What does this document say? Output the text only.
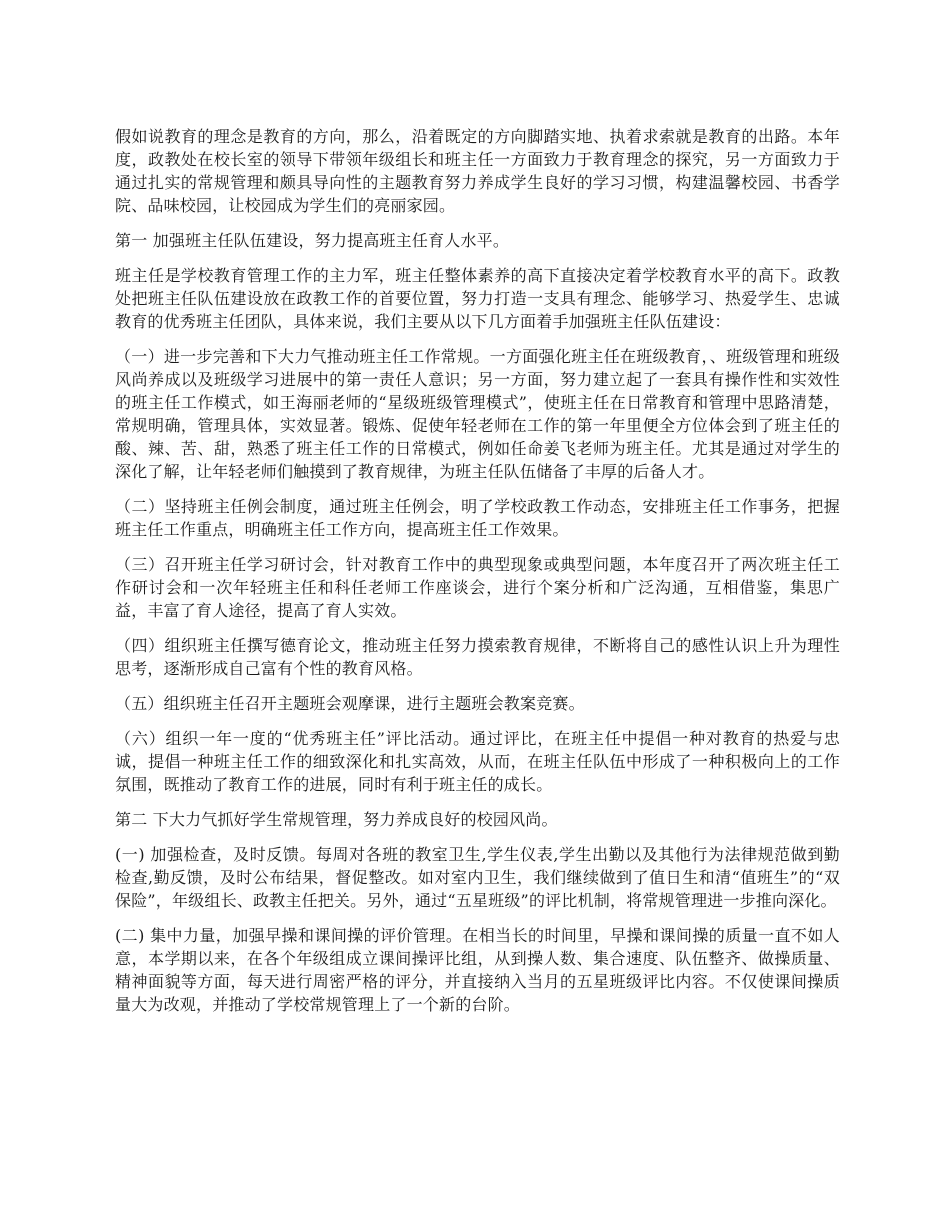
假如说教育的理念是教育的方向，那么，沿着既定的方向脚踏实地、执着求索就是教育的出路。本年度，政教处在校长室的领导下带领年级组长和班主任一方面致力于教育理念的探究，另一方面致力于通过扎实的常规管理和颇具导向性的主题教育努力养成学生良好的学习习惯，构建温馨校园、书香学院、品味校园，让校园成为学生们的亮丽家园。

第一 加强班主任队伍建设，努力提高班主任育人水平。

班主任是学校教育管理工作的主力军，班主任整体素养的高下直接决定着学校教育水平的高下。政教处把班主任队伍建设放在政教工作的首要位置，努力打造一支具有理念、能够学习、热爱学生、忠诚教育的优秀班主任团队，具体来说，我们主要从以下几方面着手加强班主任队伍建设：

（一）进一步完善和下大力气推动班主任工作常规。一方面强化班主任在班级教育，、班级管理和班级风尚养成以及班级学习进展中的第一责任人意识；另一方面，努力建立起了一套具有操作性和实效性的班主任工作模式，如王海丽老师的“星级班级管理模式”，使班主任在日常教育和管理中思路清楚，常规明确，管理具体，实效显著。锻炼、促使年轻老师在工作的第一年里便全方位体会到了班主任的酸、辣、苦、甜，熟悉了班主任工作的日常模式，例如任命姜飞老师为班主任。尤其是通过对学生的深化了解，让年轻老师们触摸到了教育规律，为班主任队伍储备了丰厚的后备人才。

（二）坚持班主任例会制度，通过班主任例会，明了学校政教工作动态，安排班主任工作事务，把握班主任工作重点，明确班主任工作方向，提高班主任工作效果。

（三）召开班主任学习研讨会，针对教育工作中的典型现象或典型问题，本年度召开了两次班主任工作研讨会和一次年轻班主任和科任老师工作座谈会，进行个案分析和广泛沟通，互相借鉴，集思广益，丰富了育人途径，提高了育人实效。

（四）组织班主任撰写德育论文，推动班主任努力摸索教育规律，不断将自己的感性认识上升为理性思考，逐渐形成自己富有个性的教育风格。

（五）组织班主任召开主题班会观摩课，进行主题班会教案竞赛。

（六）组织一年一度的“优秀班主任”评比活动。通过评比，在班主任中提倡一种对教育的热爱与忠诚，提倡一种班主任工作的细致深化和扎实高效，从而，在班主任队伍中形成了一种积极向上的工作氛围，既推动了教育工作的进展，同时有利于班主任的成长。

第二 下大力气抓好学生常规管理，努力养成良好的校园风尚。

(一) 加强检查，及时反馈。每周对各班的教室卫生,学生仪表,学生出勤以及其他行为法律规范做到勤检查,勤反馈，及时公布结果，督促整改。如对室内卫生，我们继续做到了值日生和清“值班生”的“双保险”，年级组长、政教主任把关。另外，通过“五星班级”的评比机制，将常规管理进一步推向深化。

(二) 集中力量，加强早操和课间操的评价管理。在相当长的时间里，早操和课间操的质量一直不如人意，本学期以来，在各个年级组成立课间操评比组，从到操人数、集合速度、队伍整齐、做操质量、精神面貌等方面，每天进行周密严格的评分，并直接纳入当月的五星班级评比内容。不仅使课间操质量大为改观，并推动了学校常规管理上了一个新的台阶。
